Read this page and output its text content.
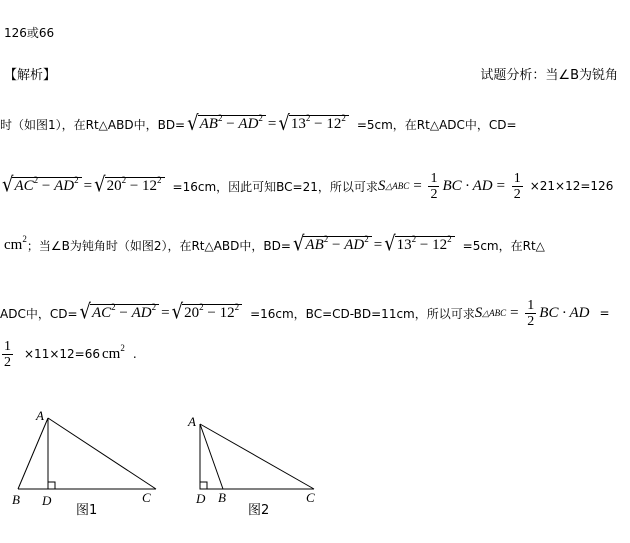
126或66
【解析】	试题分析：当∠B为锐角
时（如图1），在Rt△ABD中，BD= √ $AB^2 - AD^2$ = √ $13^2 - 12^2 =5cm$，在Rt△ADC中，CD=
√ $AC^2 - AD^2$ = √ $20^2 - 12^2 =16cm$，因此可知BC=21，所以可求 S △ABC = $\frac{1}{2}$ BC · AD = $\frac{1}{2} \times 21\times 12=126$
$cm^2$ ；当∠B为钝角时（如图2），在Rt△ABD中，BD= √ $AB^2 - AD^2$ = √ $13^2 - 12^2 =5cm$，在Rt△
ADC中，CD= √ $AC^2 - AD^2$ = √ $20^2 - 12^2 =16cm$，BC=CD-BD=11cm，所以可求 S △ABC = $\frac{1}{2}$ BC · AD =
$\frac{1}{2} \times 11\times 12=66$ $cm^2$ .
A
B D	C
图1
A
D B	C
图2
